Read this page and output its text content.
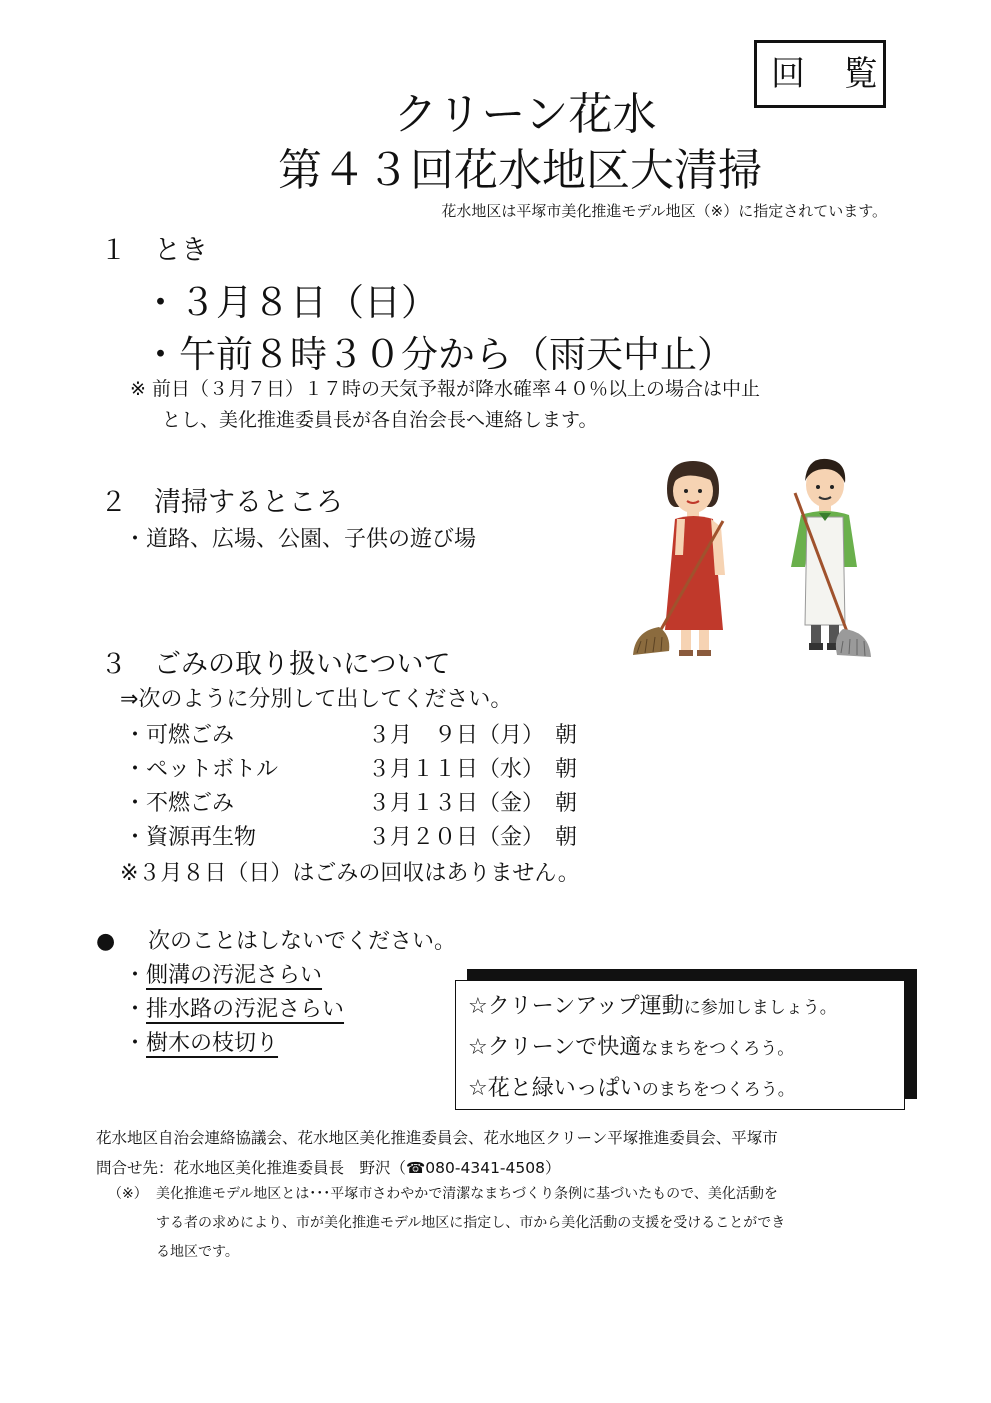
回 覧
クリーン花水
第４３回花水地区大清掃
花水地区は平塚市美化推進モデル地区（※）に指定されています。
１ とき
・３月８日（日）
・午前８時３０分から（雨天中止）
※ 前日（３月７日）１７時の天気予報が降水確率４０％以上の場合は中止
とし、美化推進委員長が各自治会長へ連絡します。
２ 清掃するところ
・道路、広場、公園、子供の遊び場
３ ごみの取り扱いについて
⇒次のように分別して出してください。
・可燃ごみ	３月　９日（月）　朝
・ペットボトル	３月１１日（水）　朝
・不燃ごみ	３月１３日（金）　朝
・資源再生物	３月２０日（金）　朝
※３月８日（日）はごみの回収はありません。
● 次のことはしないでください。
・側溝の汚泥さらい
・排水路の汚泥さらい
・樹木の枝切り
☆クリーンアップ運動に参加しましょう。
☆クリーンで快適なまちをつくろう。
☆花と緑いっぱいのまちをつくろう。
花水地区自治会連絡協議会、花水地区美化推進委員会、花水地区クリーン平塚推進委員会、平塚市
問合せ先：花水地区美化推進委員長　野沢（☎080-4341-4508）
（※） 美化推進モデル地区とは･･･平塚市さわやかで清潔なまちづくり条例に基づいたもので、美化活動を
する者の求めにより、市が美化推進モデル地区に指定し、市から美化活動の支援を受けることができ
る地区です。
